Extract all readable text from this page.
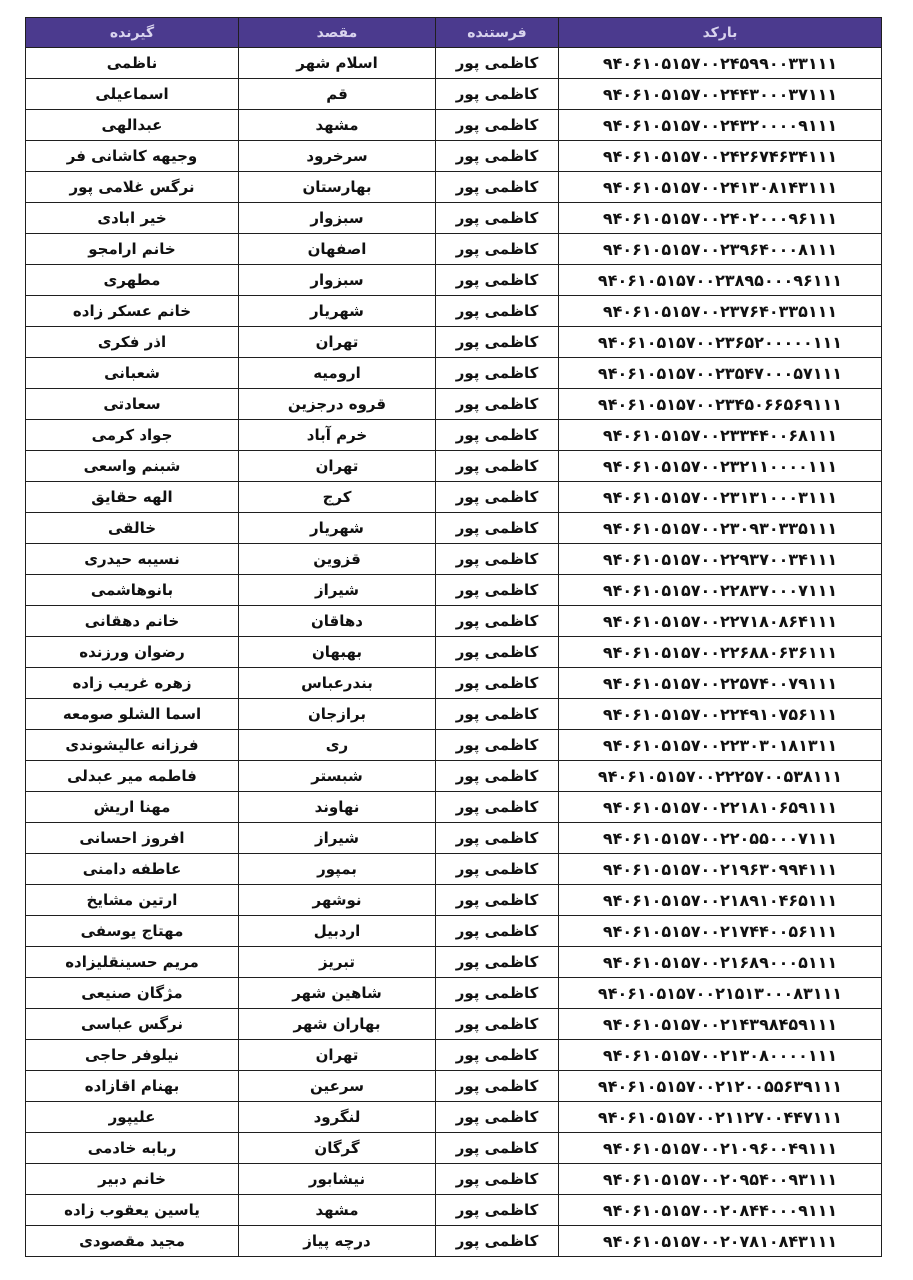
گیرنده	مقصد	فرستنده	بارکد
ناظمی	اسلام شهر	کاظمی پور	۹۴۰۶۱۰۵۱۵۷۰۰۲۴۵۹۹۰۰۳۳۱۱۱
اسماعیلی	قم	کاظمی پور	۹۴۰۶۱۰۵۱۵۷۰۰۲۴۴۳۰۰۰۳۷۱۱۱
عبدالهی	مشهد	کاظمی پور	۹۴۰۶۱۰۵۱۵۷۰۰۲۴۳۲۰۰۰۰۹۱۱۱
وجیهه کاشانی فر	سرخرود	کاظمی پور	۹۴۰۶۱۰۵۱۵۷۰۰۲۴۲۶۷۴۶۳۴۱۱۱
نرگس غلامی پور	بهارستان	کاظمی پور	۹۴۰۶۱۰۵۱۵۷۰۰۲۴۱۳۰۸۱۴۳۱۱۱
خیر ابادی	سبزوار	کاظمی پور	۹۴۰۶۱۰۵۱۵۷۰۰۲۴۰۲۰۰۰۹۶۱۱۱
خانم ارامجو	اصفهان	کاظمی پور	۹۴۰۶۱۰۵۱۵۷۰۰۲۳۹۶۴۰۰۰۸۱۱۱
مطهری	سبزوار	کاظمی پور	۹۴۰۶۱۰۵۱۵۷۰۰۲۳۸۹۵۰۰۰۹۶۱۱۱
خانم عسکر زاده	شهریار	کاظمی پور	۹۴۰۶۱۰۵۱۵۷۰۰۲۳۷۶۴۰۳۳۵۱۱۱
اذر فکری	تهران	کاظمی پور	۹۴۰۶۱۰۵۱۵۷۰۰۲۳۶۵۲۰۰۰۰۰۱۱۱
شعبانی	ارومیه	کاظمی پور	۹۴۰۶۱۰۵۱۵۷۰۰۲۳۵۴۷۰۰۰۵۷۱۱۱
سعادتی	قروه درجزین	کاظمی پور	۹۴۰۶۱۰۵۱۵۷۰۰۲۳۴۵۰۶۶۵۶۹۱۱۱
جواد کرمی	خرم آباد	کاظمی پور	۹۴۰۶۱۰۵۱۵۷۰۰۲۳۳۴۴۰۰۶۸۱۱۱
شبنم واسعی	تهران	کاظمی پور	۹۴۰۶۱۰۵۱۵۷۰۰۲۳۲۱۱۰۰۰۰۱۱۱
الهه حقایق	کرج	کاظمی پور	۹۴۰۶۱۰۵۱۵۷۰۰۲۳۱۳۱۰۰۰۳۱۱۱
خالقی	شهریار	کاظمی پور	۹۴۰۶۱۰۵۱۵۷۰۰۲۳۰۹۳۰۳۳۵۱۱۱
نسیبه حیدری	قزوین	کاظمی پور	۹۴۰۶۱۰۵۱۵۷۰۰۲۲۹۳۷۰۰۳۴۱۱۱
بانوهاشمی	شیراز	کاظمی پور	۹۴۰۶۱۰۵۱۵۷۰۰۲۲۸۳۷۰۰۰۷۱۱۱
خانم دهقانی	دهاقان	کاظمی پور	۹۴۰۶۱۰۵۱۵۷۰۰۲۲۷۱۸۰۸۶۴۱۱۱
رضوان ورزنده	بهبهان	کاظمی پور	۹۴۰۶۱۰۵۱۵۷۰۰۲۲۶۸۸۰۶۳۶۱۱۱
زهره غریب زاده	بندرعباس	کاظمی پور	۹۴۰۶۱۰۵۱۵۷۰۰۲۲۵۷۴۰۰۷۹۱۱۱
اسما الشلو صومعه	برازجان	کاظمی پور	۹۴۰۶۱۰۵۱۵۷۰۰۲۲۴۹۱۰۷۵۶۱۱۱
فرزانه عالیشوندی	ری	کاظمی پور	۹۴۰۶۱۰۵۱۵۷۰۰۲۲۳۰۳۰۱۸۱۳۱۱
فاطمه میر عبدلی	شبستر	کاظمی پور	۹۴۰۶۱۰۵۱۵۷۰۰۲۲۲۵۷۰۰۵۳۸۱۱۱
مهنا اریش	نهاوند	کاظمی پور	۹۴۰۶۱۰۵۱۵۷۰۰۲۲۱۸۱۰۶۵۹۱۱۱
افروز احسانی	شیراز	کاظمی پور	۹۴۰۶۱۰۵۱۵۷۰۰۲۲۰۵۵۰۰۰۷۱۱۱
عاطفه دامنی	بمپور	کاظمی پور	۹۴۰۶۱۰۵۱۵۷۰۰۲۱۹۶۳۰۹۹۴۱۱۱
ارتین مشایخ	نوشهر	کاظمی پور	۹۴۰۶۱۰۵۱۵۷۰۰۲۱۸۹۱۰۴۶۵۱۱۱
مهتاج یوسفی	اردبیل	کاظمی پور	۹۴۰۶۱۰۵۱۵۷۰۰۲۱۷۴۴۰۰۵۶۱۱۱
مریم حسینقلیزاده	تبریز	کاظمی پور	۹۴۰۶۱۰۵۱۵۷۰۰۲۱۶۸۹۰۰۰۵۱۱۱
مژگان صنیعی	شاهین شهر	کاظمی پور	۹۴۰۶۱۰۵۱۵۷۰۰۲۱۵۱۳۰۰۰۸۳۱۱۱
نرگس عباسی	بهاران شهر	کاظمی پور	۹۴۰۶۱۰۵۱۵۷۰۰۲۱۴۳۹۸۴۵۹۱۱۱
نیلوفر حاجی	تهران	کاظمی پور	۹۴۰۶۱۰۵۱۵۷۰۰۲۱۳۰۸۰۰۰۰۱۱۱
بهنام اقازاده	سرعین	کاظمی پور	۹۴۰۶۱۰۵۱۵۷۰۰۲۱۲۰۰۵۵۶۳۹۱۱۱
علیپور	لنگرود	کاظمی پور	۹۴۰۶۱۰۵۱۵۷۰۰۲۱۱۲۷۰۰۴۴۷۱۱۱
ربابه خادمی	گرگان	کاظمی پور	۹۴۰۶۱۰۵۱۵۷۰۰۲۱۰۹۶۰۰۴۹۱۱۱
خانم دبیر	نیشابور	کاظمی پور	۹۴۰۶۱۰۵۱۵۷۰۰۲۰۹۵۴۰۰۹۳۱۱۱
یاسین یعقوب زاده	مشهد	کاظمی پور	۹۴۰۶۱۰۵۱۵۷۰۰۲۰۸۴۴۰۰۰۹۱۱۱
مجید مقصودی	درچه پیاز	کاظمی پور	۹۴۰۶۱۰۵۱۵۷۰۰۲۰۷۸۱۰۸۴۳۱۱۱
